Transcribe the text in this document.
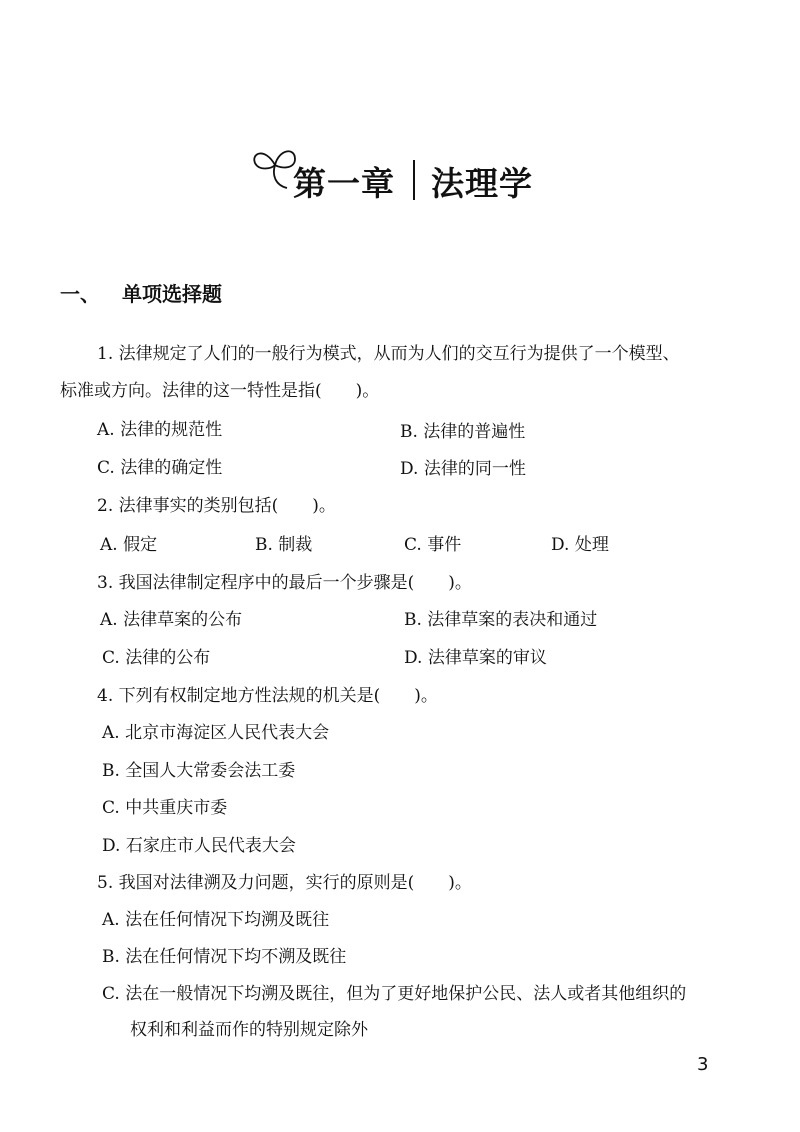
第一章 法理学
一、 单项选择题
1. 法律规定了人们的一般行为模式，从而为人们的交互行为提供了一个模型、
标准或方向。法律的这一特性是指(　　)。
A. 法律的规范性	B. 法律的普遍性
C. 法律的确定性	D. 法律的同一性
2. 法律事实的类别包括(　　)。
A. 假定	B. 制裁	C. 事件	D. 处理
3. 我国法律制定程序中的最后一个步骤是(　　)。
A. 法律草案的公布	B. 法律草案的表决和通过
C. 法律的公布	D. 法律草案的审议
4. 下列有权制定地方性法规的机关是(　　)。
A. 北京市海淀区人民代表大会
B. 全国人大常委会法工委
C. 中共重庆市委
D. 石家庄市人民代表大会
5. 我国对法律溯及力问题，实行的原则是(　　)。
A. 法在任何情况下均溯及既往
B. 法在任何情况下均不溯及既往
C. 法在一般情况下均溯及既往，但为了更好地保护公民、法人或者其他组织的
权利和利益而作的特别规定除外
3
